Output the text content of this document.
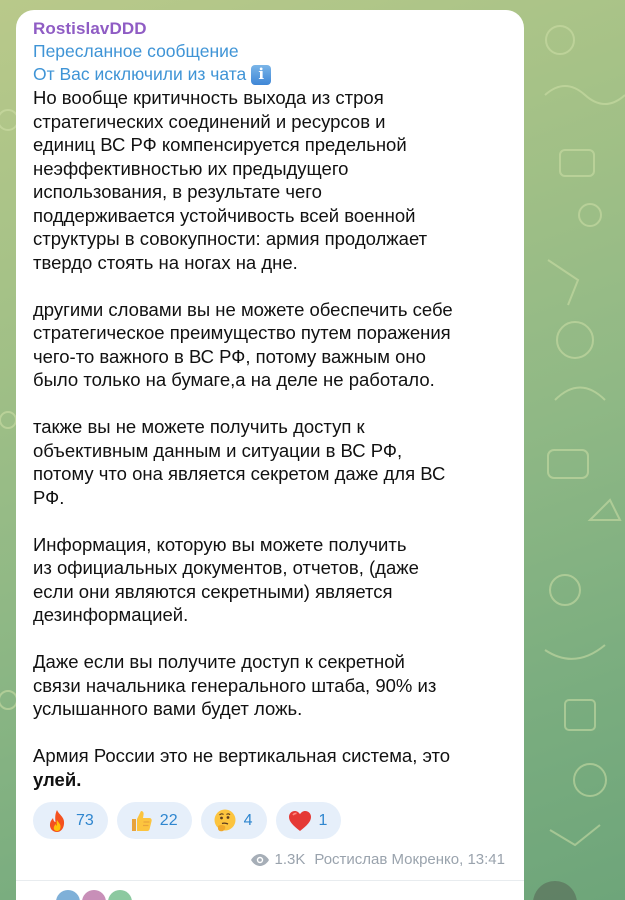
RostislavDDD
Пересланное сообщение
От Вас исключили из чата i

Но вообще критичность выхода из строя
стратегических соединений и ресурсов и
единиц ВС РФ компенсируется предельной
неэффективностью их предыдущего
использования, в результате чего
поддерживается устойчивость всей военной
структуры в совокупности: армия продолжает
твердо стоять на ногах на дне.

другими словами вы не можете обеспечить себе
стратегическое преимущество путем поражения
чего-то важного в ВС РФ, потому важным оно
было только на бумаге,а на деле не работало.

также вы не можете получить доступ к
объективным данным и ситуации в ВС РФ,
потому что она является секретом даже для ВС
РФ.

Информация, которую вы можете получить
из официальных документов, отчетов, (даже
если они являются секретными) является
дезинформацией.

Даже если вы получите доступ к секретной
связи начальника генерального штаба, 90% из
услышанного вами будет ложь.

Армия России это не вертикальная система, это
улей.

73	22	4	1
1.3K Ростислав Мокренко, 13:41
